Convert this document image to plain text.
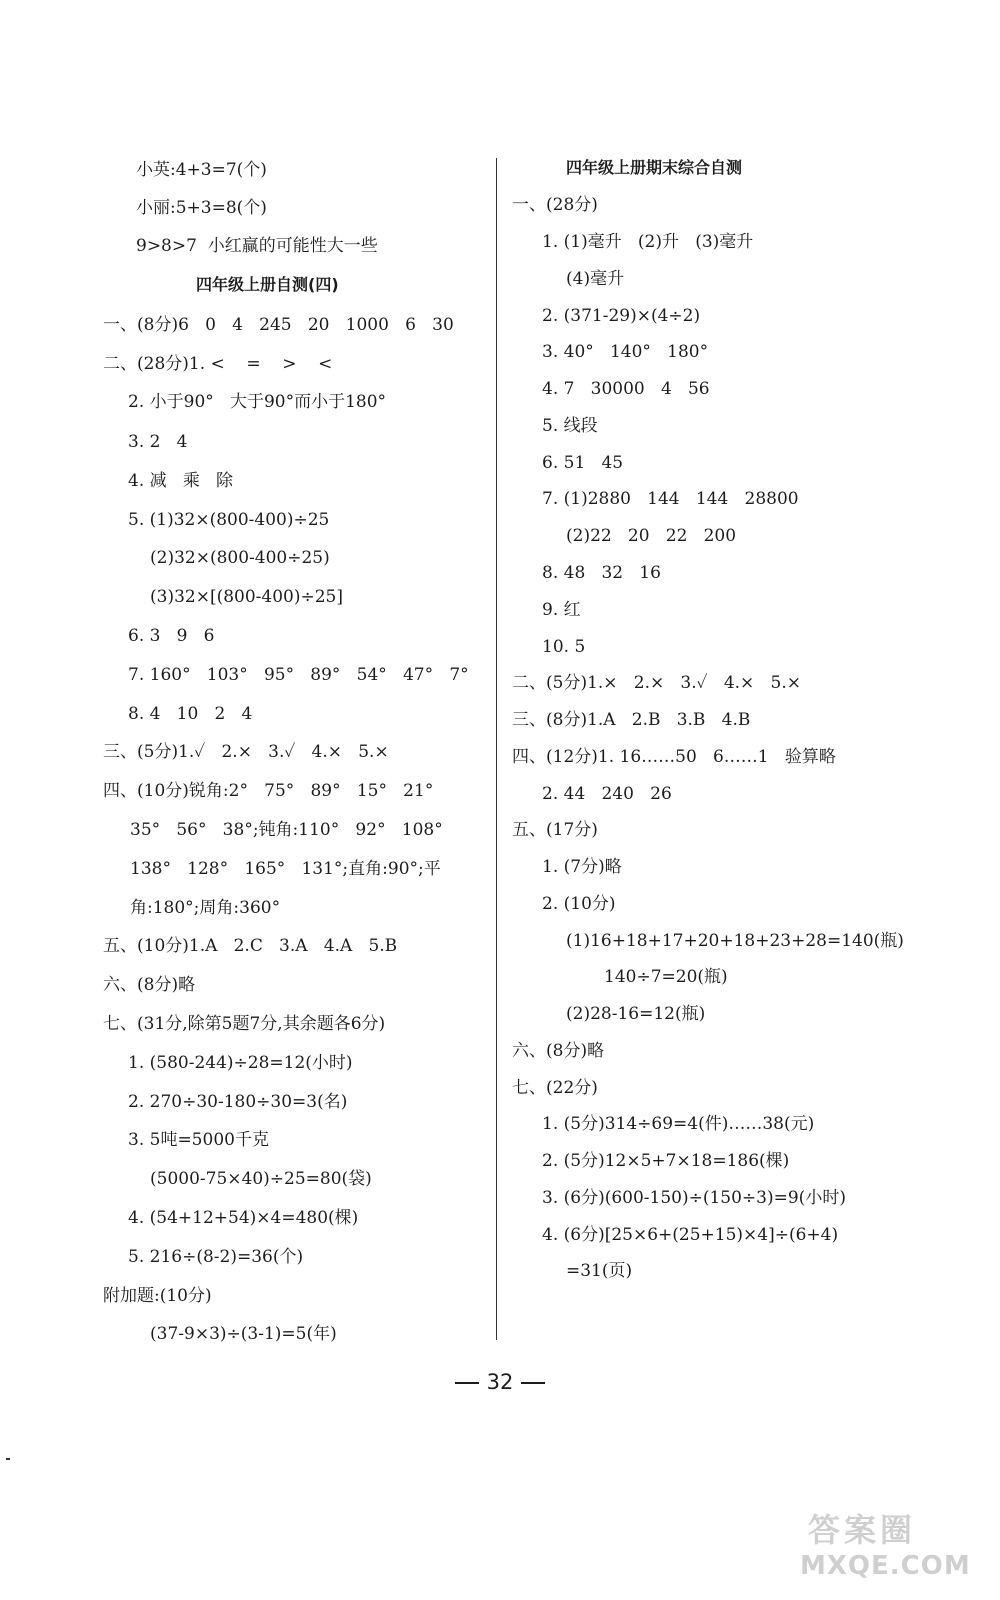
小英:4+3=7(个)
小丽:5+3=8(个)
9>8>7  小红赢的可能性大一些
四年级上册自测(四)
一、(8分)6   0   4   245   20   1000   6   30
二、(28分)1. <    =    >    <
2. 小于90°   大于90°而小于180°
3. 2   4
4. 减   乘   除
5. (1)32×(800-400)÷25
(2)32×(800-400÷25)
(3)32×[(800-400)÷25]
6. 3   9   6
7. 160°   103°   95°   89°   54°   47°   7°
8. 4   10   2   4
三、(5分)1.✓   2.×   3.✓   4.×   5.×
四、(10分)锐角:2°   75°   89°   15°   21°
35°   56°   38°;钝角:110°   92°   108°
138°   128°   165°   131°;直角:90°;平
角:180°;周角:360°
五、(10分)1.A   2.C   3.A   4.A   5.B
六、(8分)略
七、(31分,除第5题7分,其余题各6分)
1. (580-244)÷28=12(小时)
2. 270÷30-180÷30=3(名)
3. 5吨=5000千克
(5000-75×40)÷25=80(袋)
4. (54+12+54)×4=480(棵)
5. 216÷(8-2)=36(个)
附加题:(10分)
(37-9×3)÷(3-1)=5(年)
四年级上册期末综合自测
一、(28分)
1. (1)毫升   (2)升   (3)毫升
(4)毫升
2. (371-29)×(4÷2)
3. 40°   140°   180°
4. 7   30000   4   56
5. 线段
6. 51   45
7. (1)2880   144   144   28800
(2)22   20   22   200
8. 48   32   16
9. 红
10. 5
二、(5分)1.×   2.×   3.✓   4.×   5.×
三、(8分)1.A   2.B   3.B   4.B
四、(12分)1. 16……50   6……1   验算略
2. 44   240   26
五、(17分)
1. (7分)略
2. (10分)
(1)16+18+17+20+18+23+28=140(瓶)
140÷7=20(瓶)
(2)28-16=12(瓶)
六、(8分)略
七、(22分)
1. (5分)314÷69=4(件)……38(元)
2. (5分)12×5+7×18=186(棵)
3. (6分)(600-150)÷(150÷3)=9(小时)
4. (6分)[25×6+(25+15)×4]÷(6+4)
=31(页)
32
答案圈
MXQE.COM
